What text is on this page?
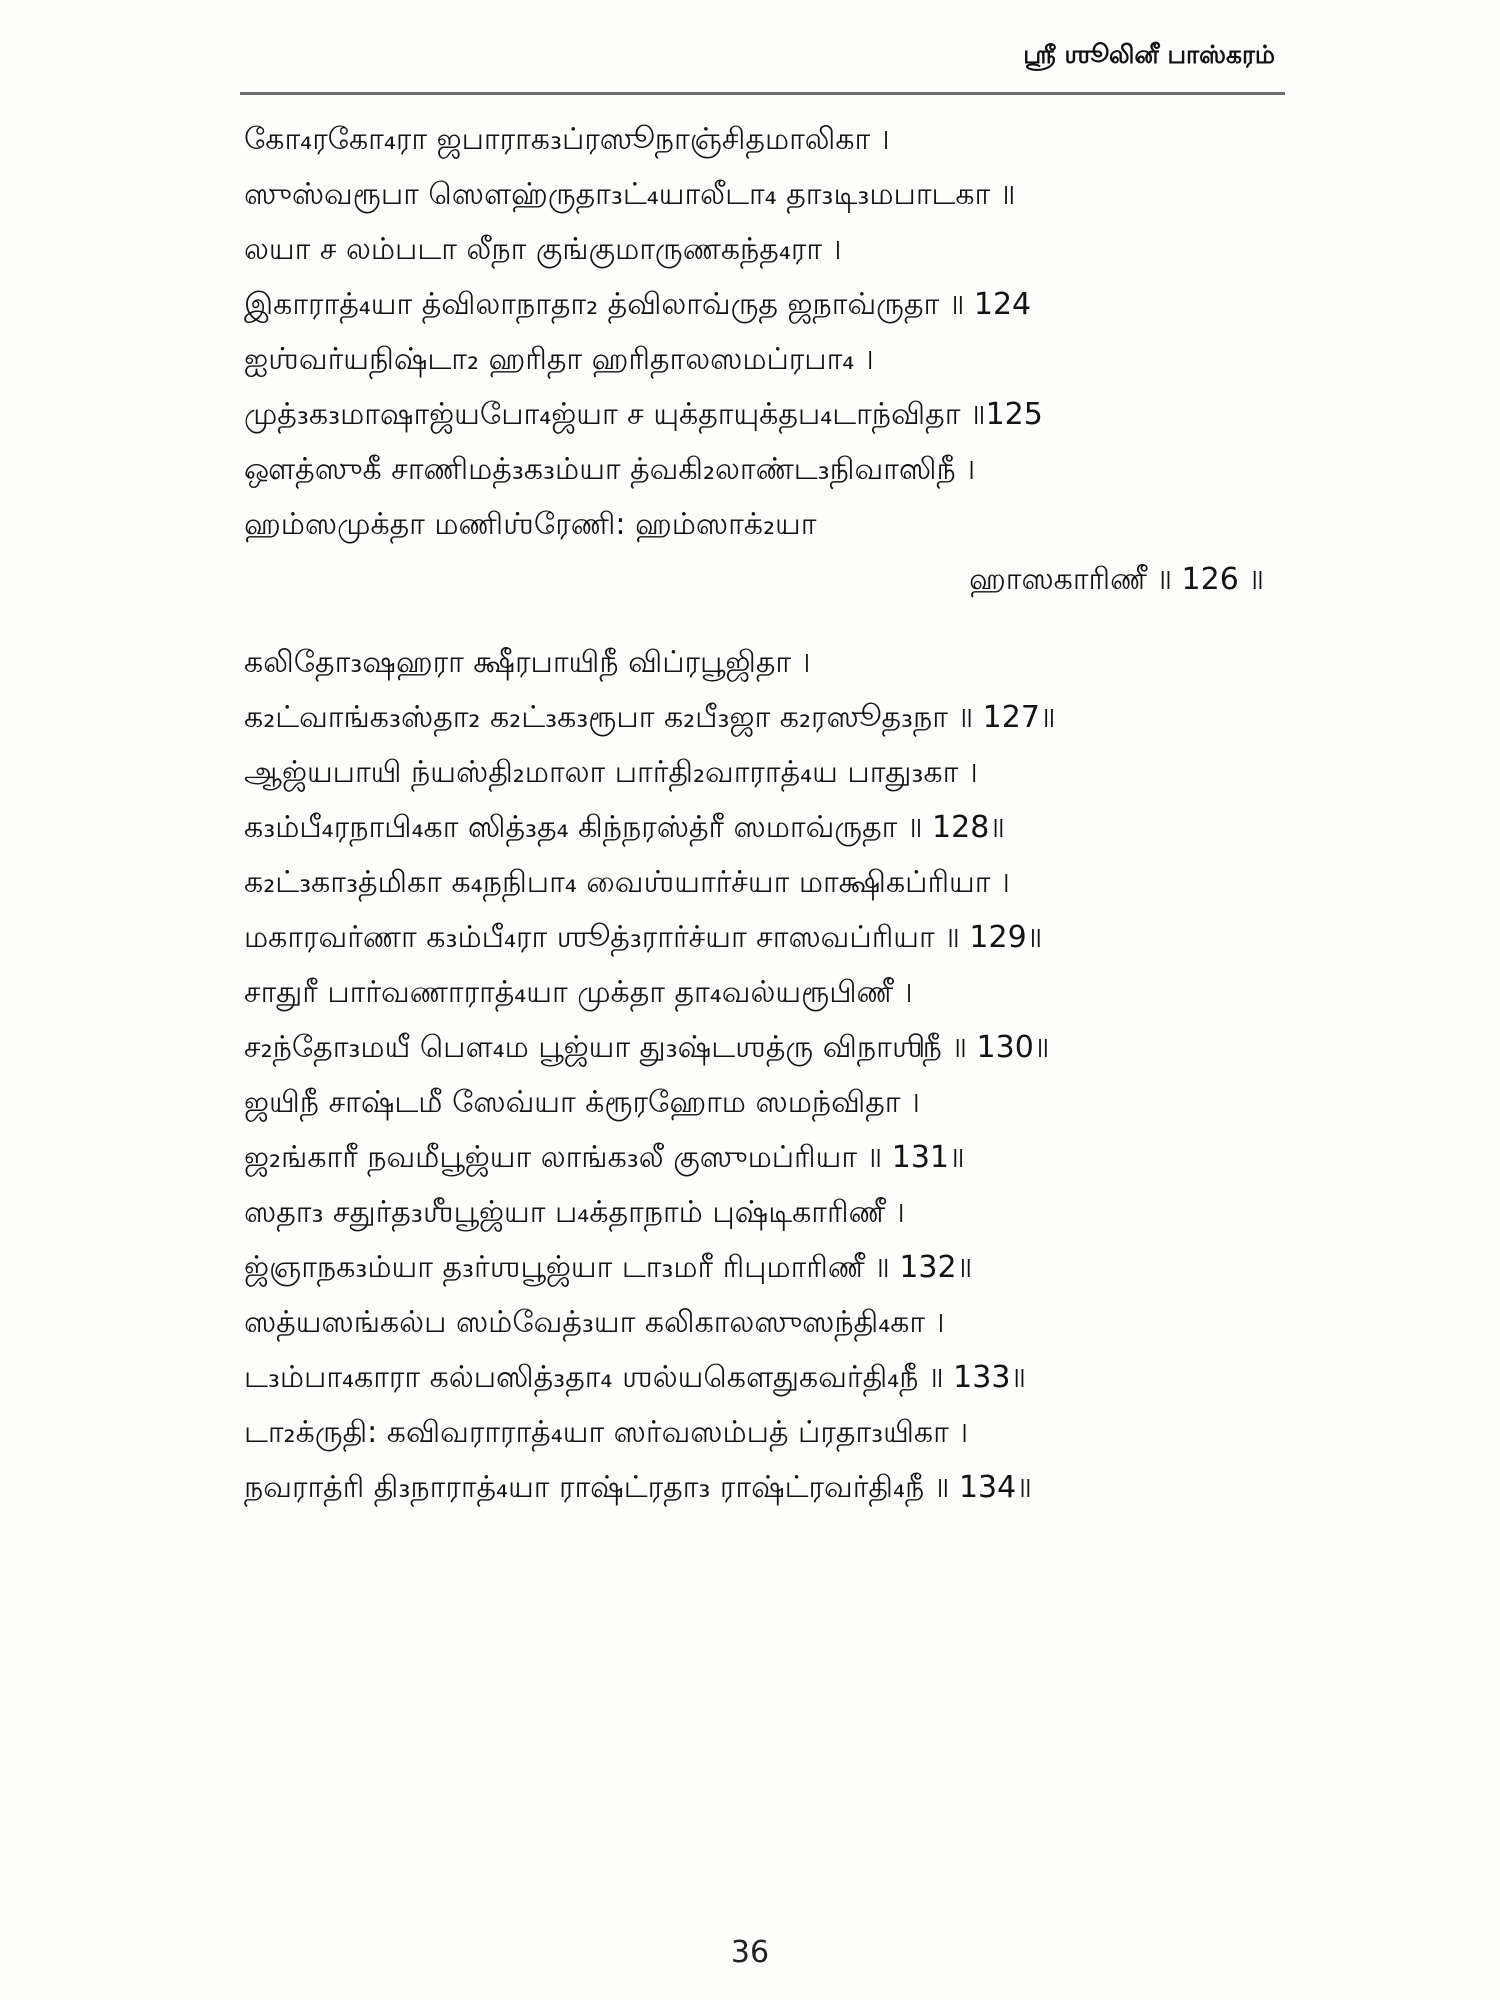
ஸ்ரீ ஶூலினீ பாஸ்கரம்
கோ₄ரகோ₄ரா ஜபாராக₃ப்ரஸூநாஞ்சிதமாலிகா ।
ஸுஸ்வரூபா ஸௌஹ்ருதா₃ட்₄யாலீடா₄ தா₃டி₃மபாடகா ॥
லயா ச லம்படா லீநா குங்குமாருணகந்த₄ரா ।
இகாராத்₄யா த்விலாநாதா₂ த்விலாவ்ருத ஜநாவ்ருதா ॥ 124
ஐஶ்வர்யநிஷ்டா₂ ஹரிதா ஹரிதாலஸமப்ரபா₄ ।
முத்₃க₃மாஷாஜ்யபோ₄ஜ்யா ச யுக்தாயுக்தப₄டாந்விதா ॥125
ஔத்ஸுகீ சாணிமத்₃க₃ம்யா த்வகி₂லாண்ட₃நிவாஸிநீ ।
ஹம்ஸமுக்தா மணிஶ்ரேணி꞉ ஹம்ஸாக்₂யா
ஹாஸகாரிணீ ॥ 126 ॥
கலிதோ₃ஷஹரா க்ஷீரபாயிநீ விப்ரபூஜிதா ।
க₂ட்வாங்க₃ஸ்தா₂ க₂ட்₃க₃ரூபா க₂பீ₃ஜா க₂ரஸூத₃நா ॥ 127॥
ஆஜ்யபாயி ந்யஸ்தி₂மாலா பார்தி₂வாராத்₄ய பாது₃கா ।
க₃ம்பீ₄ரநாபி₄கா ஸித்₃த₄ கிந்நரஸ்த்ரீ ஸமாவ்ருதா ॥ 128॥
க₂ட்₃கா₃த்மிகா க₄நநிபா₄ வைஶ்யார்ச்யா மாக்ஷிகப்ரியா ।
மகாரவர்ணா க₃ம்பீ₄ரா ஶூத்₃ரார்ச்யா சாஸவப்ரியா ॥ 129॥
சாதுரீ பார்வணாராத்₄யா முக்தா தா₄வல்யரூபிணீ ।
ச₂ந்தோ₃மயீ பௌ₄ம பூஜ்யா து₃ஷ்டஶத்ரு விநாஶிநீ ॥ 130॥
ஜயிநீ சாஷ்டமீ ஸேவ்யா க்ரூரஹோம ஸமந்விதா ।
ஜ₂ங்காரீ நவமீபூஜ்யா லாங்க₃லீ குஸுமப்ரியா ॥ 131॥
ஸதா₃ சதுர்த₃ஶீபூஜ்யா ப₄க்தாநாம் புஷ்டிகாரிணீ ।
ஜ்ஞாநக₃ம்யா த₃ர்ஶபூஜ்யா டா₃மரீ ரிபுமாரிணீ ॥ 132॥
ஸத்யஸங்கல்ப ஸம்வேத்₃யா கலிகாலஸுஸந்தி₄கா ।
ட₃ம்பா₄காரா கல்பஸித்₃தா₄ ஶல்யகௌதுகவர்தி₄நீ ॥ 133॥
டா₂க்ருதி꞉ கவிவராராத்₄யா ஸர்வஸம்பத் ப்ரதா₃யிகா ।
நவராத்ரி தி₃நாராத்₄யா ராஷ்ட்ரதா₃ ராஷ்ட்ரவர்தி₄நீ ॥ 134॥
36
